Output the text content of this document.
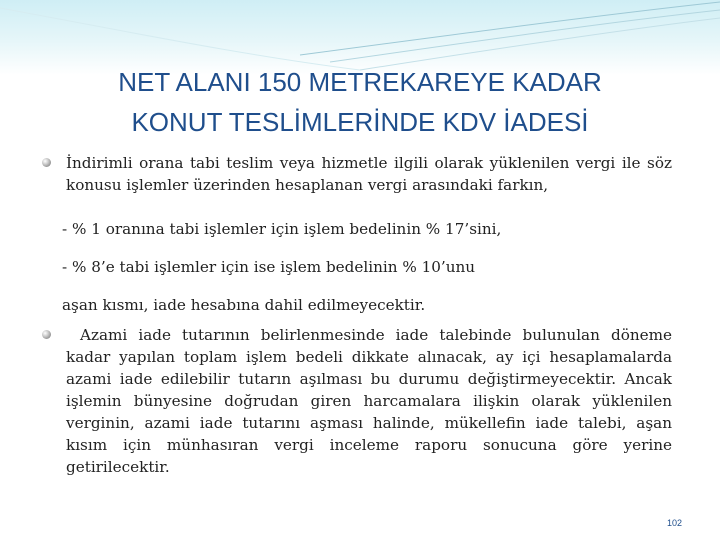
NET ALANI 150 METREKAREYE KADAR
KONUT TESLİMLERİNDE KDV İADESİ
İndirimli orana tabi teslim veya hizmetle ilgili olarak yüklenilen vergi ile söz konusu işlemler üzerinden hesaplanan vergi arasındaki farkın,
- % 1 oranına tabi işlemler için işlem bedelinin % 17’sini,
- % 8’e tabi işlemler için ise işlem bedelinin % 10’unu
aşan kısmı, iade hesabına dahil edilmeyecektir.
Azami iade tutarının belirlenmesinde iade talebinde bulunulan döneme kadar yapılan toplam işlem bedeli dikkate alınacak, ay içi hesaplamalarda azami iade edilebilir tutarın aşılması bu durumu değiştirmeyecektir. Ancak işlemin bünyesine doğrudan giren harcamalara ilişkin olarak yüklenilen verginin, azami iade tutarını aşması halinde, mükellefin iade talebi, aşan kısım için münhasıran vergi inceleme raporu sonucuna göre yerine getirilecektir.
102
